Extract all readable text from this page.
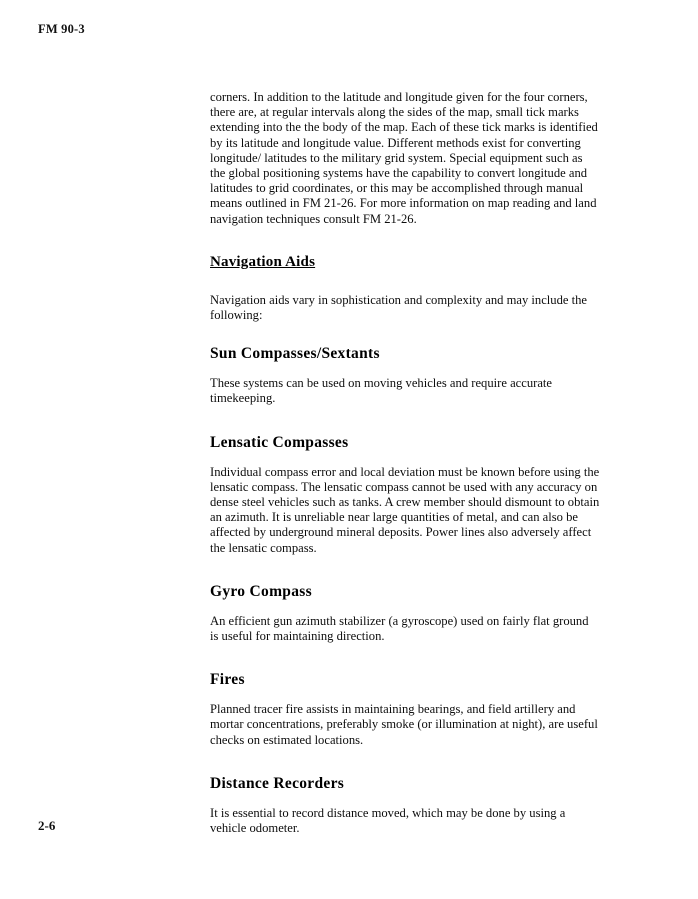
FM 90-3

corners. In addition to the latitude and longitude given for the four corners, there are, at regular intervals along the sides of the map, small tick marks extending into the the body of the map. Each of these tick marks is identified by its latitude and longitude value. Different methods exist for converting longitude/ latitudes to the military grid system. Special equipment such as the global positioning systems have the capability to convert longitude and latitudes to grid coordinates, or this may be accomplished through manual means outlined in FM 21-26. For more information on map reading and land navigation techniques consult FM 21-26.

Navigation Aids

Navigation aids vary in sophistication and complexity and may include the following:

Sun Compasses/Sextants

These systems can be used on moving vehicles and require accurate timekeeping.

Lensatic Compasses

Individual compass error and local deviation must be known before using the lensatic compass. The lensatic compass cannot be used with any accuracy on dense steel vehicles such as tanks. A crew member should dismount to obtain an azimuth. It is unreliable near large quantities of metal, and can also be affected by underground mineral deposits. Power lines also adversely affect the lensatic compass.

Gyro Compass

An efficient gun azimuth stabilizer (a gyroscope) used on fairly flat ground is useful for maintaining direction.

Fires

Planned tracer fire assists in maintaining bearings, and field artillery and mortar concentrations, preferably smoke (or illumination at night), are useful checks on estimated locations.

Distance Recorders

It is essential to record distance moved, which may be done by using a vehicle odometer.

2-6
